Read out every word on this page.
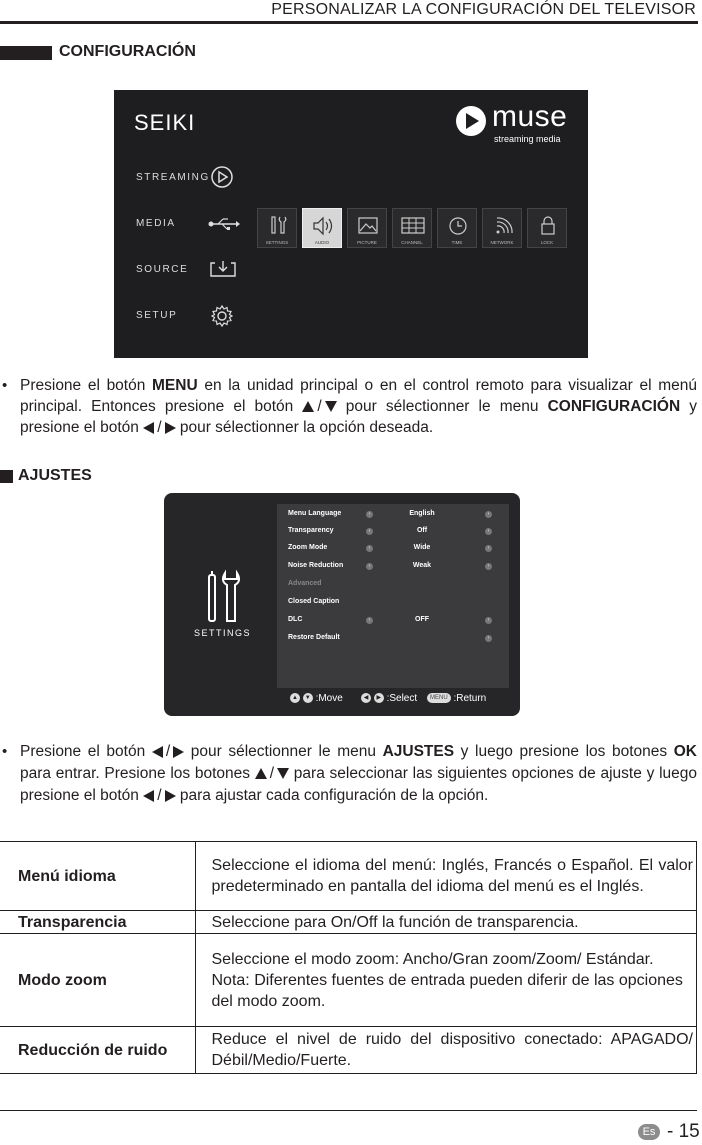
PERSONALIZAR LA CONFIGURACIÓN DEL TELEVISOR
CONFIGURACIÓN
SEIKI	muse
streaming media
STREAMING
MEDIA
SOURCE
SETUP
SETTINGS	AUDIO	PICTURE	CHANNEL	TIME	NETWORK	LOCK
• Presione el botón MENU en la unidad principal o en el control remoto para visualizar el menú principal. Entonces presione el botón / pour sélectionner le menu CONFIGURACIÓN y presione el botón / pour sélectionner la opción deseada.
AJUSTES
SETTINGS
Menu Language	‹	English	›
Transparency	‹	Off	›
Zoom Mode	‹	Wide	›
Noise Reduction	‹	Weak	›
Advanced
Closed Caption
DLC	‹	OFF	›
Restore Default	›
▲ ▼ :Move	◀ ▶ :Select	MENU :Return
• Presione el botón / pour sélectionner le menu AJUSTES y luego presione los botones OK para entrar. Presione los botones / para seleccionar las siguientes opciones de ajuste y luego presione el botón / para ajustar cada configuración de la opción.
Menú idioma	Seleccione el idioma del menú: Inglés, Francés o Español. El valor predeterminado en pantalla del idioma del menú es el Inglés.
Transparencia	Seleccione para On/Off la función de transparencia.
Modo zoom	Seleccione el modo zoom: Ancho/Gran zoom/Zoom/ Estándar.
Nota: Diferentes fuentes de entrada pueden diferir de las opciones del modo zoom.

Reducción de ruido	Reduce el nivel de ruido del dispositivo conectado: APAGADO/ Débil/Medio/Fuerte.
Es - 15
